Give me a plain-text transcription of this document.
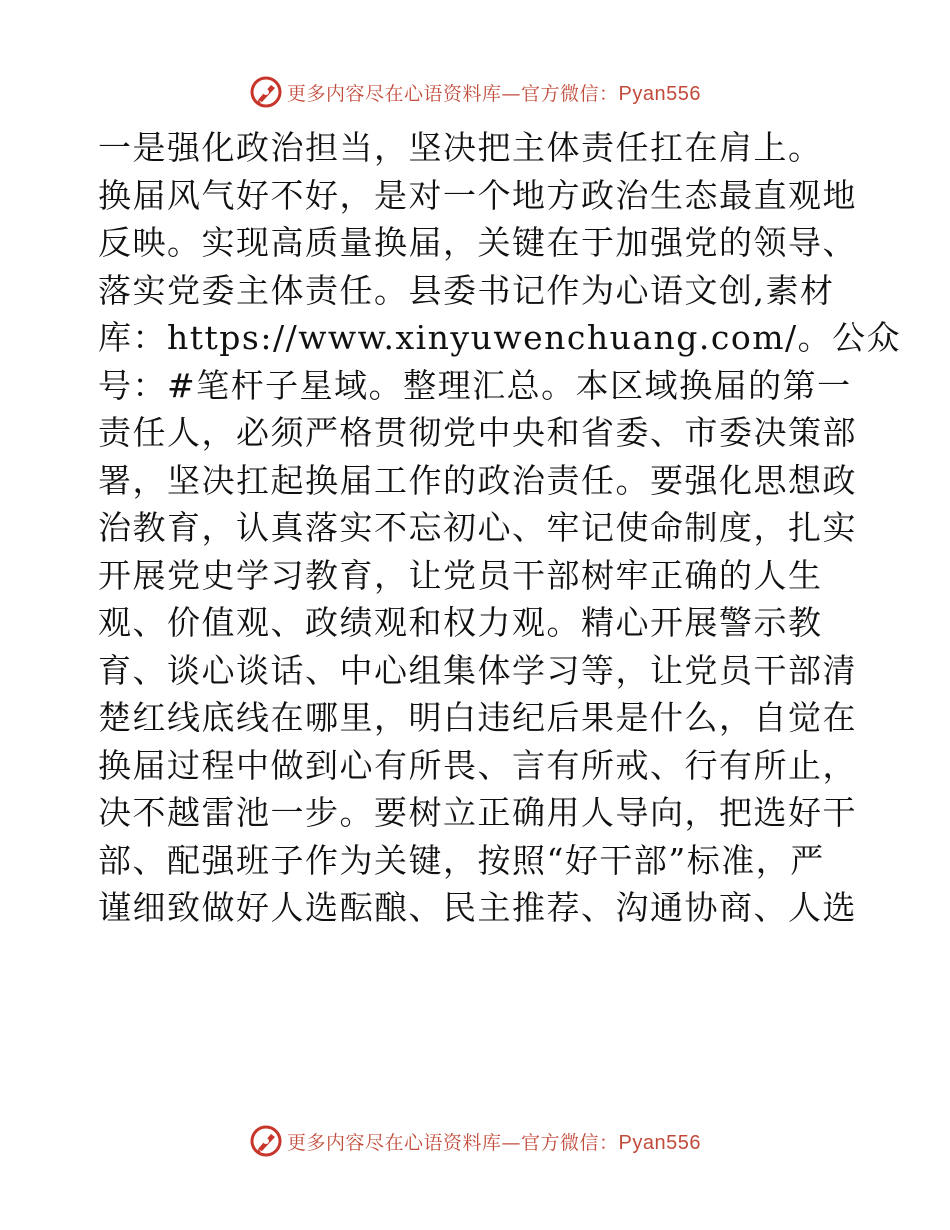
更多内容尽在心语资料库—官方微信：Pyan556
一是强化政治担当，坚决把主体责任扛在肩上。
换届风气好不好，是对一个地方政治生态最直观地
反映。实现高质量换届，关键在于加强党的领导、
落实党委主体责任。县委书记作为心语文创,素材
库：https://www.xinyuwenchuang.com/。公众
号：#笔杆子星域。整理汇总。本区域换届的第一
责任人，必须严格贯彻党中央和省委、市委决策部
署，坚决扛起换届工作的政治责任。要强化思想政
治教育，认真落实不忘初心、牢记使命制度，扎实
开展党史学习教育，让党员干部树牢正确的人生
观、价值观、政绩观和权力观。精心开展警示教
育、谈心谈话、中心组集体学习等，让党员干部清
楚红线底线在哪里，明白违纪后果是什么，自觉在
换届过程中做到心有所畏、言有所戒、行有所止，
决不越雷池一步。要树立正确用人导向，把选好干
部、配强班子作为关键，按照“好干部”标准，严
谨细致做好人选酝酿、民主推荐、沟通协商、人选
更多内容尽在心语资料库—官方微信：Pyan556
